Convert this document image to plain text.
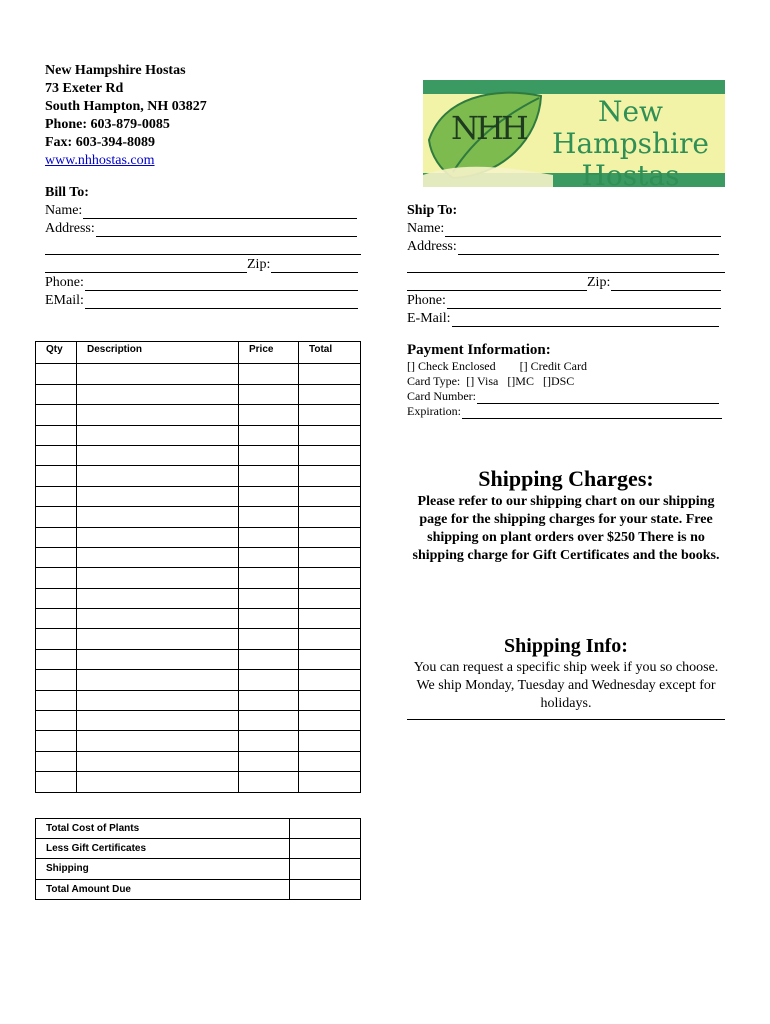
New Hampshire Hostas
73 Exeter Rd
South Hampton, NH 03827
Phone: 603-879-0085
Fax: 603-394-8089
www.nhhostas.com
NHH	New Hampshire
Hostas
Bill To:
Name:
Address:
Zip:
Phone:
EMail:
Ship To:
Name:
Address:
Zip:
Phone:
E-Mail:
Qty	Description	Price	Total

Total Cost of Plants	
Less Gift Certificates	
Shipping	
Total Amount Due	
Payment Information:
[] Check Enclosed        [] Credit Card
Card Type:  [] Visa   []MC   []DSC
Card Number:
Expiration:
Shipping Charges:
Please refer to our shipping chart on our shipping page for the shipping charges for your state. Free shipping on plant orders over $250 There is no shipping charge for Gift Certificates and the books.
Shipping Info:
You can request a specific ship week if you so choose. We ship Monday, Tuesday and Wednesday except for holidays.
